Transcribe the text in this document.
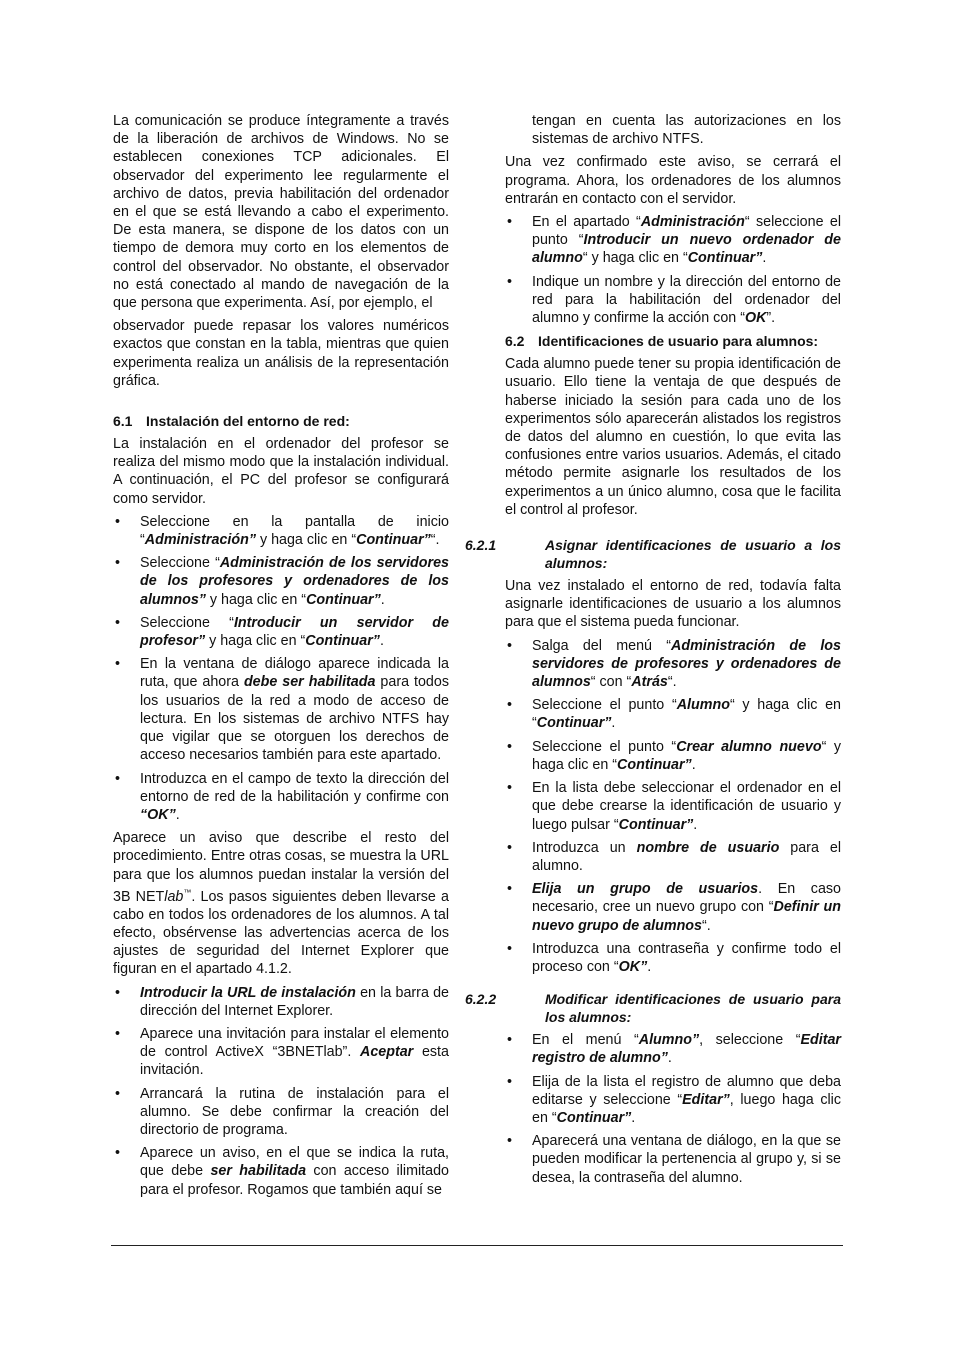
La comunicación se produce íntegramente a través de la liberación de archivos de Windows. No se establecen conexiones TCP adicionales. El observador del experimento lee regularmente el archivo de datos, previa habilitación del ordenador en el que se está llevando a cabo el experimento. De esta manera, se dispone de los datos con un tiempo de demora muy corto en los elementos de control del observador. No obstante, el observador no está conectado al mando de navegación de la que persona que experimenta. Así, por ejemplo, el

observador puede repasar los valores numéricos exactos que constan en la tabla, mientras que quien experimenta realiza un análisis de la representación gráfica.

6.1 Instalación del entorno de red:

La instalación en el ordenador del profesor se realiza del mismo modo que la instalación individual. A continuación, el PC del profesor se configurará como servidor.

• Seleccione en la pantalla de inicio “Administración” y haga clic en “Continuar”“.
• Seleccione “Administración de los servidores de los profesores y ordenadores de los alumnos” y haga clic en “Continuar”.
• Seleccione “Introducir un servidor de profesor” y haga clic en “Continuar”.
• En la ventana de diálogo aparece indicada la ruta, que ahora debe ser habilitada para todos los usuarios de la red a modo de acceso de lectura. En los sistemas de archivo NTFS hay que vigilar que se otorguen los derechos de acceso necesarios también para este apartado.
• Introduzca en el campo de texto la dirección del entorno de red de la habilitación y confirme con “OK”.

Aparece un aviso que describe el resto del procedimiento. Entre otras cosas, se muestra la URL para que los alumnos puedan instalar la versión del 3B NETlab™. Los pasos siguientes deben llevarse a cabo en todos los ordenadores de los alumnos. A tal efecto, obsérvense las advertencias acerca de los ajustes de seguridad del Internet Explorer que figuran en el apartado 4.1.2.

• Introducir la URL de instalación en la barra de dirección del Internet Explorer.
• Aparece una invitación para instalar el elemento de control ActiveX “3BNETlab”. Aceptar esta invitación.
• Arrancará la rutina de instalación para el alumno. Se debe confirmar la creación del directorio de programa.
• Aparece un aviso, en el que se indica la ruta, que debe ser habilitada con acceso ilimitado para el profesor. Rogamos que también aquí se
tengan en cuenta las autorizaciones en los sistemas de archivo NTFS.

Una vez confirmado este aviso, se cerrará el programa. Ahora, los ordenadores de los alumnos entrarán en contacto con el servidor.

• En el apartado “Administración“ seleccione el punto “Introducir un nuevo ordenador de alumno“ y haga clic en “Continuar”.
• Indique un nombre y la dirección del entorno de red para la habilitación del ordenador del alumno y confirme la acción con “OK”.
6.2 Identificaciones de usuario para alumnos:

Cada alumno puede tener su propia identificación de usuario. Ello tiene la ventaja de que después de haberse iniciado la sesión para cada uno de los experimentos sólo aparecerán alistados los registros de datos del alumno en cuestión, lo que evita las confusiones entre varios usuarios. Además, el citado método permite asignarle los resultados de los experimentos a un único alumno, cosa que le facilita el control al profesor.

6.2.1	Asignar identificaciones de usuario a los alumnos:

Una vez instalado el entorno de red, todavía falta asignarle identificaciones de usuario a los alumnos para que el sistema pueda funcionar.

• Salga del menú “Administración de los servidores de profesores y ordenadores de alumnos“ con “Atrás“.
• Seleccione el punto “Alumno“ y haga clic en “Continuar”.
• Seleccione el punto “Crear alumno nuevo“ y haga clic en “Continuar”.
• En la lista debe seleccionar el ordenador en el que debe crearse la identificación de usuario y luego pulsar “Continuar”.
• Introduzca un nombre de usuario para el alumno.
• Elija un grupo de usuarios. En caso necesario, cree un nuevo grupo con “Definir un nuevo grupo de alumnos“.
• Introduzca una contraseña y confirme todo el proceso con “OK”.
6.2.2	Modificar identificaciones de usuario para los alumnos:
• En el menú “Alumno”, seleccione “Editar registro de alumno”.
• Elija de la lista el registro de alumno que deba editarse y seleccione “Editar”, luego haga clic en “Continuar”.
• Aparecerá una ventana de diálogo, en la que se pueden modificar la pertenencia al grupo y, si se desea, la contraseña del alumno.
